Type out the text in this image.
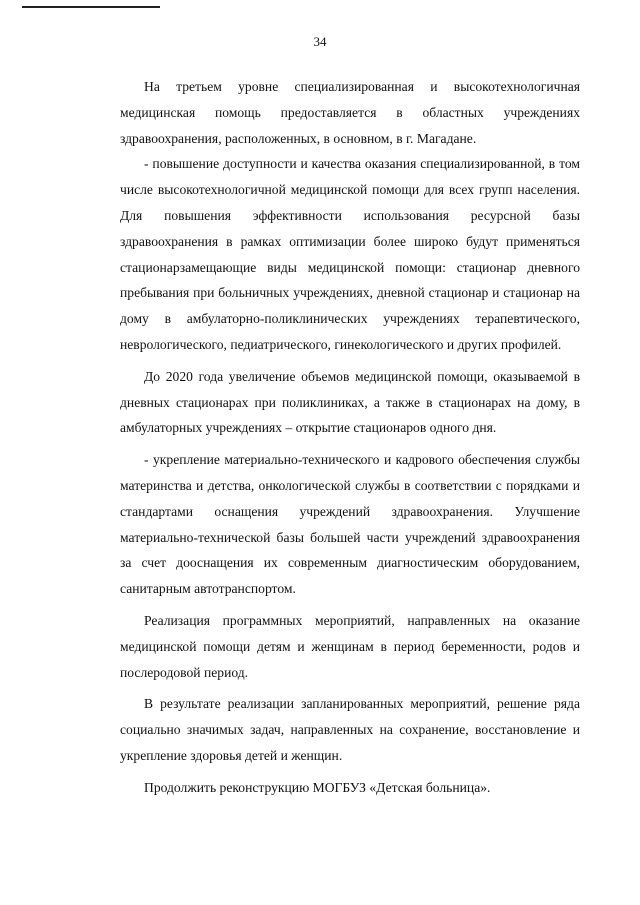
34

На третьем уровне специализированная и высокотехнологичная медицинская помощь предоставляется в областных учреждениях здравоохранения, расположенных, в основном, в г. Магадане.

- повышение доступности и качества оказания специализированной, в том числе высокотехнологичной медицинской помощи для всех групп населения. Для повышения эффективности использования ресурсной базы здравоохранения в рамках оптимизации более широко будут применяться стационарзамещающие виды медицинской помощи: стационар дневного пребывания при больничных учреждениях, дневной стационар и стационар на дому в амбулаторно-поликлинических учреждениях терапевтического, неврологического, педиатрического, гинекологического и других профилей.

До 2020 года увеличение объемов медицинской помощи, оказываемой в дневных стационарах при поликлиниках, а также в стационарах на дому, в амбулаторных учреждениях – открытие стационаров одного дня.

- укрепление материально-технического и кадрового обеспечения службы материнства и детства, онкологической службы в соответствии с порядками и стандартами оснащения учреждений здравоохранения. Улучшение материально-технической базы большей части учреждений здравоохранения за счет дооснащения их современным диагностическим оборудованием, санитарным автотранспортом.

Реализация программных мероприятий, направленных на оказание медицинской помощи детям и женщинам в период беременности, родов и послеродовой период.

В результате реализации запланированных мероприятий, решение ряда социально значимых задач, направленных на сохранение, восстановление и укрепление здоровья детей и женщин.

Продолжить реконструкцию МОГБУЗ «Детская больница».
